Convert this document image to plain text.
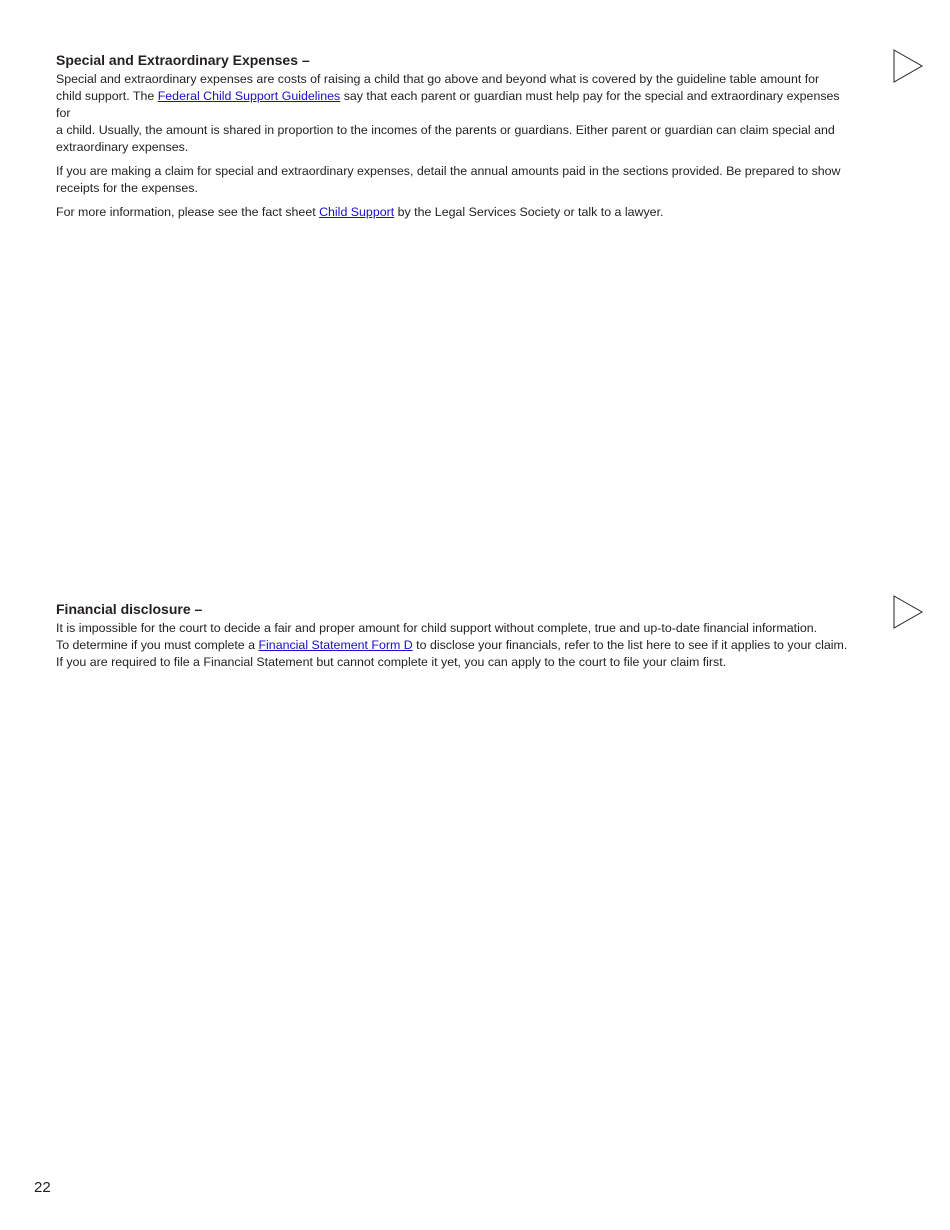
Special and Extraordinary Expenses –

Special and extraordinary expenses are costs of raising a child that go above and beyond what is covered by the guideline table amount for
child support. The Federal Child Support Guidelines say that each parent or guardian must help pay for the special and extraordinary expenses
for
a child. Usually, the amount is shared in proportion to the incomes of the parents or guardians. Either parent or guardian can claim special and
extraordinary expenses.

If you are making a claim for special and extraordinary expenses, detail the annual amounts paid in the sections provided. Be prepared to show
receipts for the expenses.

For more information, please see the fact sheet Child Support by the Legal Services Society or talk to a lawyer.

Financial disclosure –

It is impossible for the court to decide a fair and proper amount for child support without complete, true and up-to-date financial information.
To determine if you must complete a Financial Statement Form D to disclose your financials, refer to the list here to see if it applies to your claim.
If you are required to file a Financial Statement but cannot complete it yet, you can apply to the court to file your claim first.

22
